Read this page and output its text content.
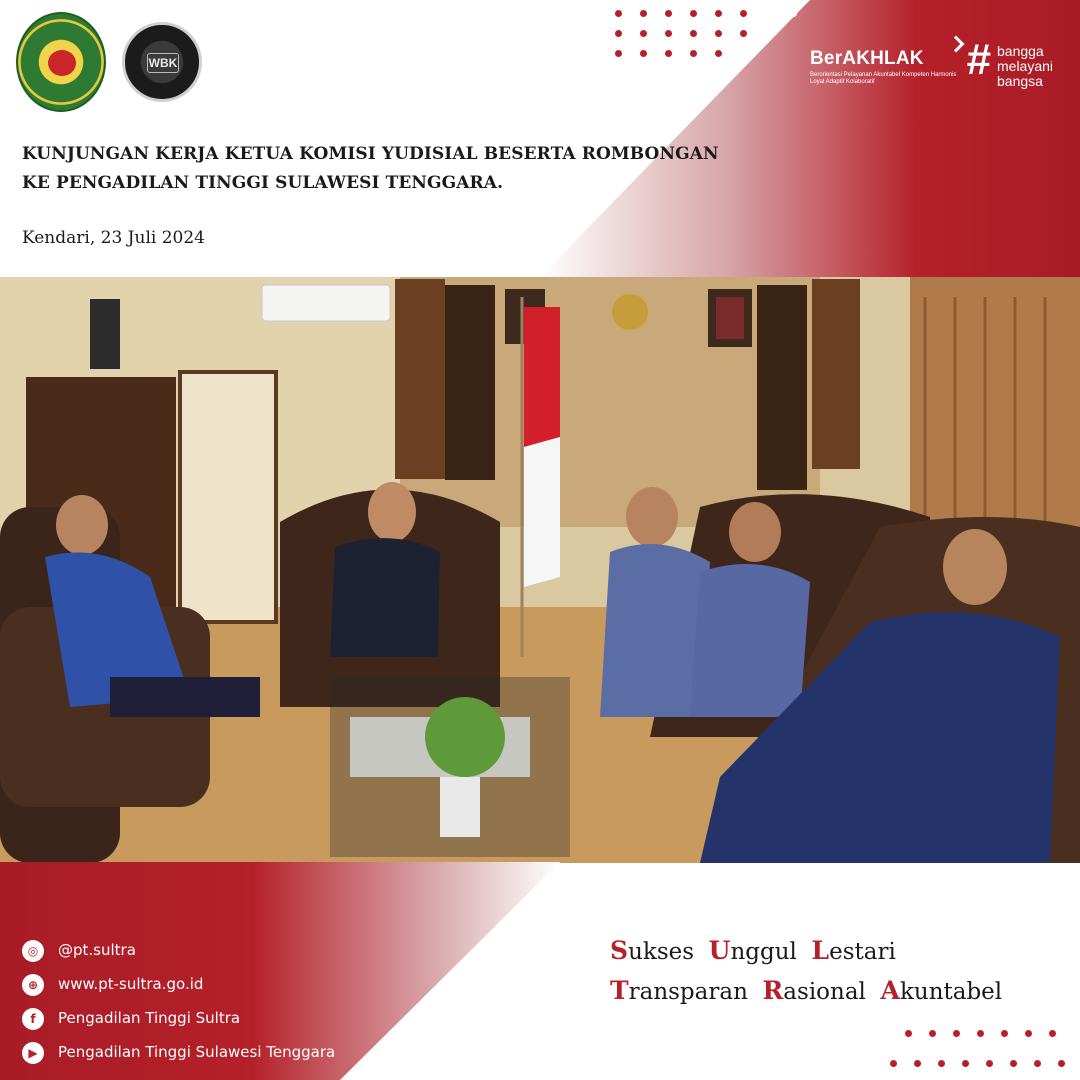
WBK	BerAKHLAK
Berorientasi Pelayanan Akuntabel Kompeten Harmonis Loyal Adaptif Kolaboratif	# bangga
melayani
bangsa
KUNJUNGAN KERJA KETUA KOMISI YUDISIAL BESERTA ROMBONGAN
KE PENGADILAN TINGGI SULAWESI TENGGARA.
Kendari, 23 Juli 2024
◎	@pt.sultra
⊕	www.pt-sultra.go.id
f	Pengadilan Tinggi Sultra
▶	Pengadilan Tinggi Sulawesi Tenggara
Sukses Unggul Lestari
Transparan Rasional Akuntabel
